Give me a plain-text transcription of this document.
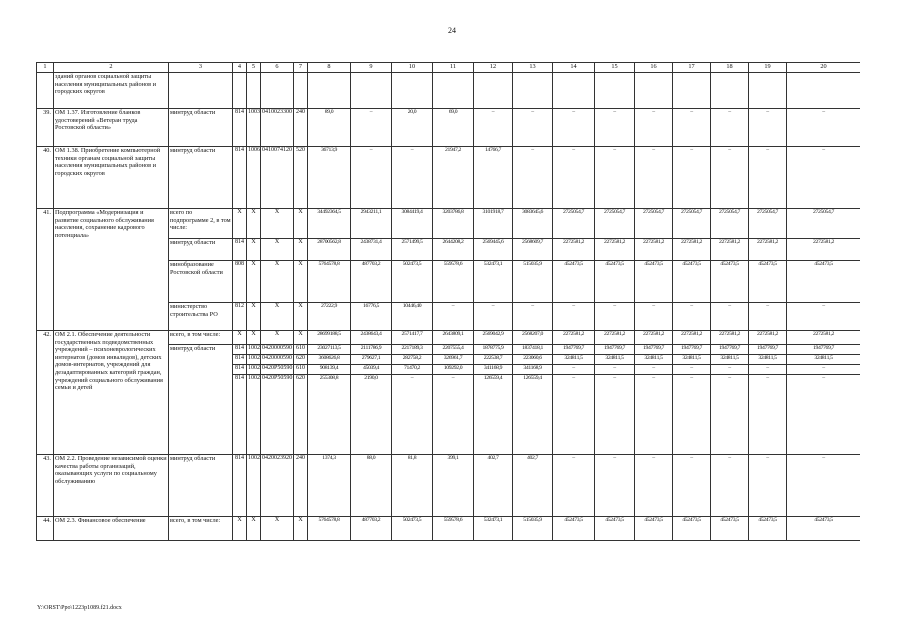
24
1	2	3	4	5	6	7	8	9	10	11	12	13	14	15	16	17	18	19	20
	зданий органов социальной защиты населения муниципальных районов и городских округов																		
39.	ОМ 1.37. Изготовление бланков удостоверений «Ветеран труда Ростовской области»	минтруд области	814	1003	0410023300	240	89,0	–	20,0	69,0	–	–	–	–	–	–	–	–	–
40.	ОМ 1.38. Приобретение компьютерной техники органам социальной защиты населения муниципальных районов и городских округов	минтруд области	814	1006	0410074120	520	36713,9	–	–	21947,2	14766,7	–	–	–	–	–	–	–	–
41.	Подпрограмма «Модернизация и развитие социального обслуживания населения, сохранение кадрового потенциала»	всего по подпрограмме 2, в том числе:	Х	Х	Х	Х	34492364,5	2943211,1	3084419,4	3203786,8	3101918,7	3083645,6	2725054,7	2725054,7	2725054,7	2725054,7	2725054,7	2725054,7	2725054,7
		минтруд области	814	Х	Х	Х	28700562,8	2438731,4	2571499,5	2644208,2	2569445,6	2568609,7	2272581,2	2272581,2	2272581,2	2272581,2	2272581,2	2272581,2	2272581,2
		минобразование Ростовской области	808	Х	Х	Х	5764578,8	487703,2	502473,5	559578,6	532473,1	515035,9	452473,5	452473,5	452473,5	452473,5	452473,5	452473,5	452473,5
		министерство строительства РО	812	Х	Х	Х	27222,9	16776,5	10446,40	–	–	–	–	–	–	–	–	–	–
42.	ОМ 2.1. Обеспечение деятельности государственных подведомственных учреждений – психоневрологических интернатов (домов инвалидов), детских домов-интернатов, учреждений для дезадаптированных категорий граждан, учреждений социального обслуживания семьи и детей	всего, в том числе:	Х	Х	Х	Х	28699188,5	2438643,4	2571417,7	2643809,1	2569042,9	2568207,0	2272581,2	2272581,2	2272581,2	2272581,2	2272581,2	2272581,2	2272581,2
		минтруд области	814	1002	0420000590	610	23027113,5	2111786,9	2217189,3	2207555,4	1878775,9	1837418,1	1947769,7	1947769,7	1947769,7	1947769,7	1947769,7	1947769,7	1947769,7
			814	1002	0420000590	620	3608626,8	279627,1	282758,2	326961,7	222538,7	223060,6	324811,5	324811,5	324811,5	324811,5	324811,5	324811,5	324811,5
			814	1002	0420P50590	610	908139,4	45039,4	71470,2	109292,0	341168,9	341168,9	–	–	–	–	–	–	–
			814	1002	0420P50590	620	255308,8	2190,0	–	–	126559,4	126559,4	–	–	–	–	–	–	–
43.	ОМ 2.2. Проведение независимой оценки качества работы организаций, оказывающих услуги по социальному обслуживанию	минтруд области	814	1002	0420023920	240	1374,3	88,0	81,8	399,1	402,7	402,7	–	–	–	–	–	–	–
44.	ОМ 2.3. Финансовое обеспечение	всего, в том числе:	Х	Х	Х	Х	5764578,8	487703,2	502473,5	559578,6	532473,1	515035,9	452473,5	452473,5	452473,5	452473,5	452473,5	452473,5	452473,5
Y:\ORST\Ppo\1223p1089.f21.docx
